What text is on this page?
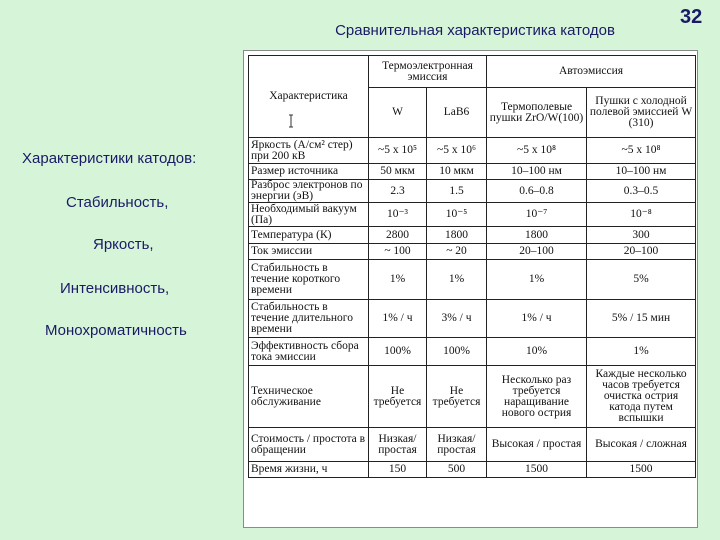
Сравнительная характеристика катодов
32
Характеристики катодов:
Стабильность,
Яркость,
Интенсивность,
Монохроматичность
Характеристика	Термоэлектронная эмиссия		Автоэмиссия	
	W	LaB6	Термополевые пушки ZrO/W(100)	Пушки с холодной полевой эмиссией W (310)
Яркость (А/см² стер) при 200 кВ	~5 x 10⁵	~5 x 10⁶	~5 x 10⁸	~5 x 10⁸
Размер источника	50 мкм	10 мкм	10–100 нм	10–100 нм
Разброс электронов по энергии (эВ)	2.3	1.5	0.6–0.8	0.3–0.5
Необходимый вакуум (Па)	10⁻³	10⁻⁵	10⁻⁷	10⁻⁸
Температура (К)	2800	1800	1800	300
Ток эмиссии	~ 100	~ 20	20–100	20–100
Стабильность в течение короткого времени	1%	1%	1%	5%
Стабильность в течение длительного времени	1% / ч	3% / ч	1% / ч	5% / 15 мин
Эффективность сбора тока эмиссии	100%	100%	10%	1%
Техническое обслуживание	Не требуется	Не требуется	Несколько раз требуется наращивание нового острия	Каждые несколько часов требуется очистка острия катода путем вспышки
Стоимость / простота в обращении	Низкая/ простая	Низкая/ простая	Высокая / простая	Высокая / сложная
Время жизни, ч	150	500	1500	1500
